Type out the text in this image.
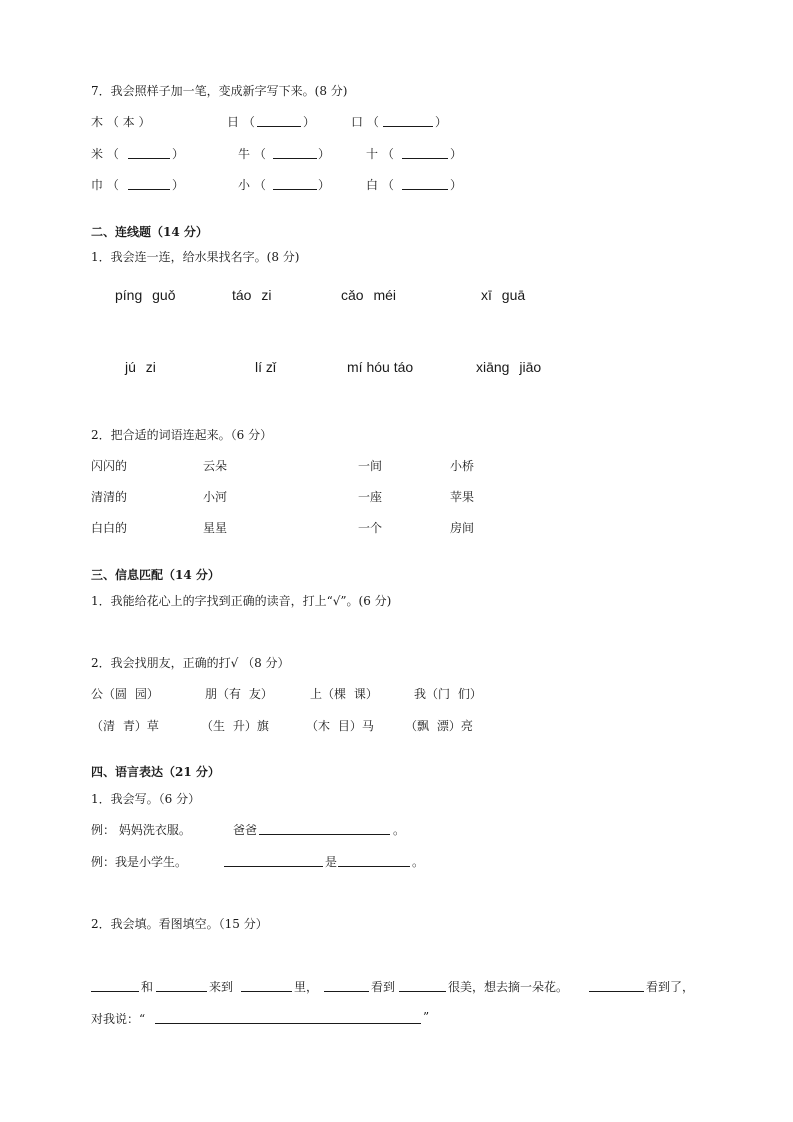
7．我会照样子加一笔，变成新字写下来。(8 分)
木 （ 本 ）	日 （	）	口 （	）
米 （	）	牛 （	）	十 （	）
巾 （	）	小 （	）	白 （	）
二、连线题（14 分）
1．我会连一连，给水果找名字。(8 分)
píng guǒ	táo zi	cǎo méi	xī guā
jú zi	lí zǐ	mí hóu táo	xiāng jiāo
2．把合适的词语连起来。（6 分）
闪闪的	云朵	一间	小桥
清清的	小河	一座	苹果
白白的	星星	一个	房间
三、信息匹配（14 分）
1．我能给花心上的字找到正确的读音，打上“√”。(6 分)
2．我会找朋友，正确的打√ （8 分）
公（圆 园）	朋（有 友）	上（棵 课）	我（门 们）
（清 青）草	（生 升）旗	（木 目）马	（飘 漂）亮
四、语言表达（21 分）
1．我会写。（6 分）
例： 妈妈洗衣服。	爸爸	。
例：我是小学生。	是	。
2．我会填。看图填空。（15 分）
和	来到	里，	看到	很美，想去摘一朵花。	看到了，
对我说：“	”
